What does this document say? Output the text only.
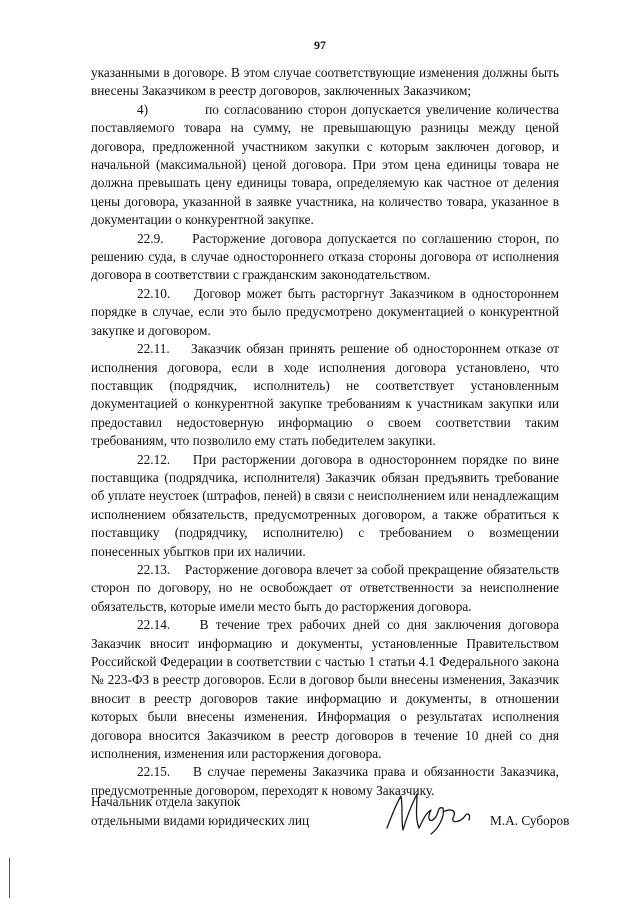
97

указанными в договоре. В этом случае соответствующие изменения должны быть внесены Заказчиком в реестр договоров, заключенных Заказчиком;

4)           по согласованию сторон допускается увеличение количества поставляемого товара на сумму, не превышающую разницы между ценой договора, предложенной участником закупки с которым заключен договор, и начальной (максимальной) ценой договора. При этом цена единицы товара не должна превышать цену единицы товара, определяемую как частное от деления цены договора, указанной в заявке участника, на количество товара, указанное в документации о конкурентной закупке.

22.9.     Расторжение договора допускается по соглашению сторон, по решению суда, в случае одностороннего отказа стороны договора от исполнения договора в соответствии с гражданским законодательством.

22.10.    Договор может быть расторгнут Заказчиком в одностороннем порядке в случае, если это было предусмотрено документацией о конкурентной закупке и договором.

22.11.    Заказчик обязан принять решение об одностороннем отказе от исполнения договора, если в ходе исполнения договора установлено, что поставщик (подрядчик, исполнитель) не соответствует установленным документацией о конкурентной закупке требованиям к участникам закупки или предоставил недостоверную информацию о своем соответствии таким требованиям, что позволило ему стать победителем закупки.

22.12.    При расторжении договора в одностороннем порядке по вине поставщика (подрядчика, исполнителя) Заказчик обязан предъявить требование об уплате неустоек (штрафов, пеней) в связи с неисполнением или ненадлежащим исполнением обязательств, предусмотренных договором, а также обратиться к поставщику (подрядчику, исполнителю) с требованием о возмещении понесенных убытков при их наличии.

22.13.    Расторжение договора влечет за собой прекращение обязательств сторон по договору, но не освобождает от ответственности за неисполнение обязательств, которые имели место быть до расторжения договора.

22.14.    В течение трех рабочих дней со дня заключения договора Заказчик вносит информацию и документы, установленные Правительством Российской Федерации в соответствии с частью 1 статьи 4.1 Федерального закона № 223-ФЗ в реестр договоров. Если в договор были внесены изменения, Заказчик вносит в реестр договоров такие информацию и документы, в отношении которых были внесены изменения. Информация о результатах исполнения договора вносится Заказчиком в реестр договоров в течение 10 дней со дня исполнения, изменения или расторжения договора.

22.15.    В случае перемены Заказчика права и обязанности Заказчика, предусмотренные договором, переходят к новому Заказчику.

Начальник отдела закупок
отдельными видами юридических лиц	М.А. Суборов
